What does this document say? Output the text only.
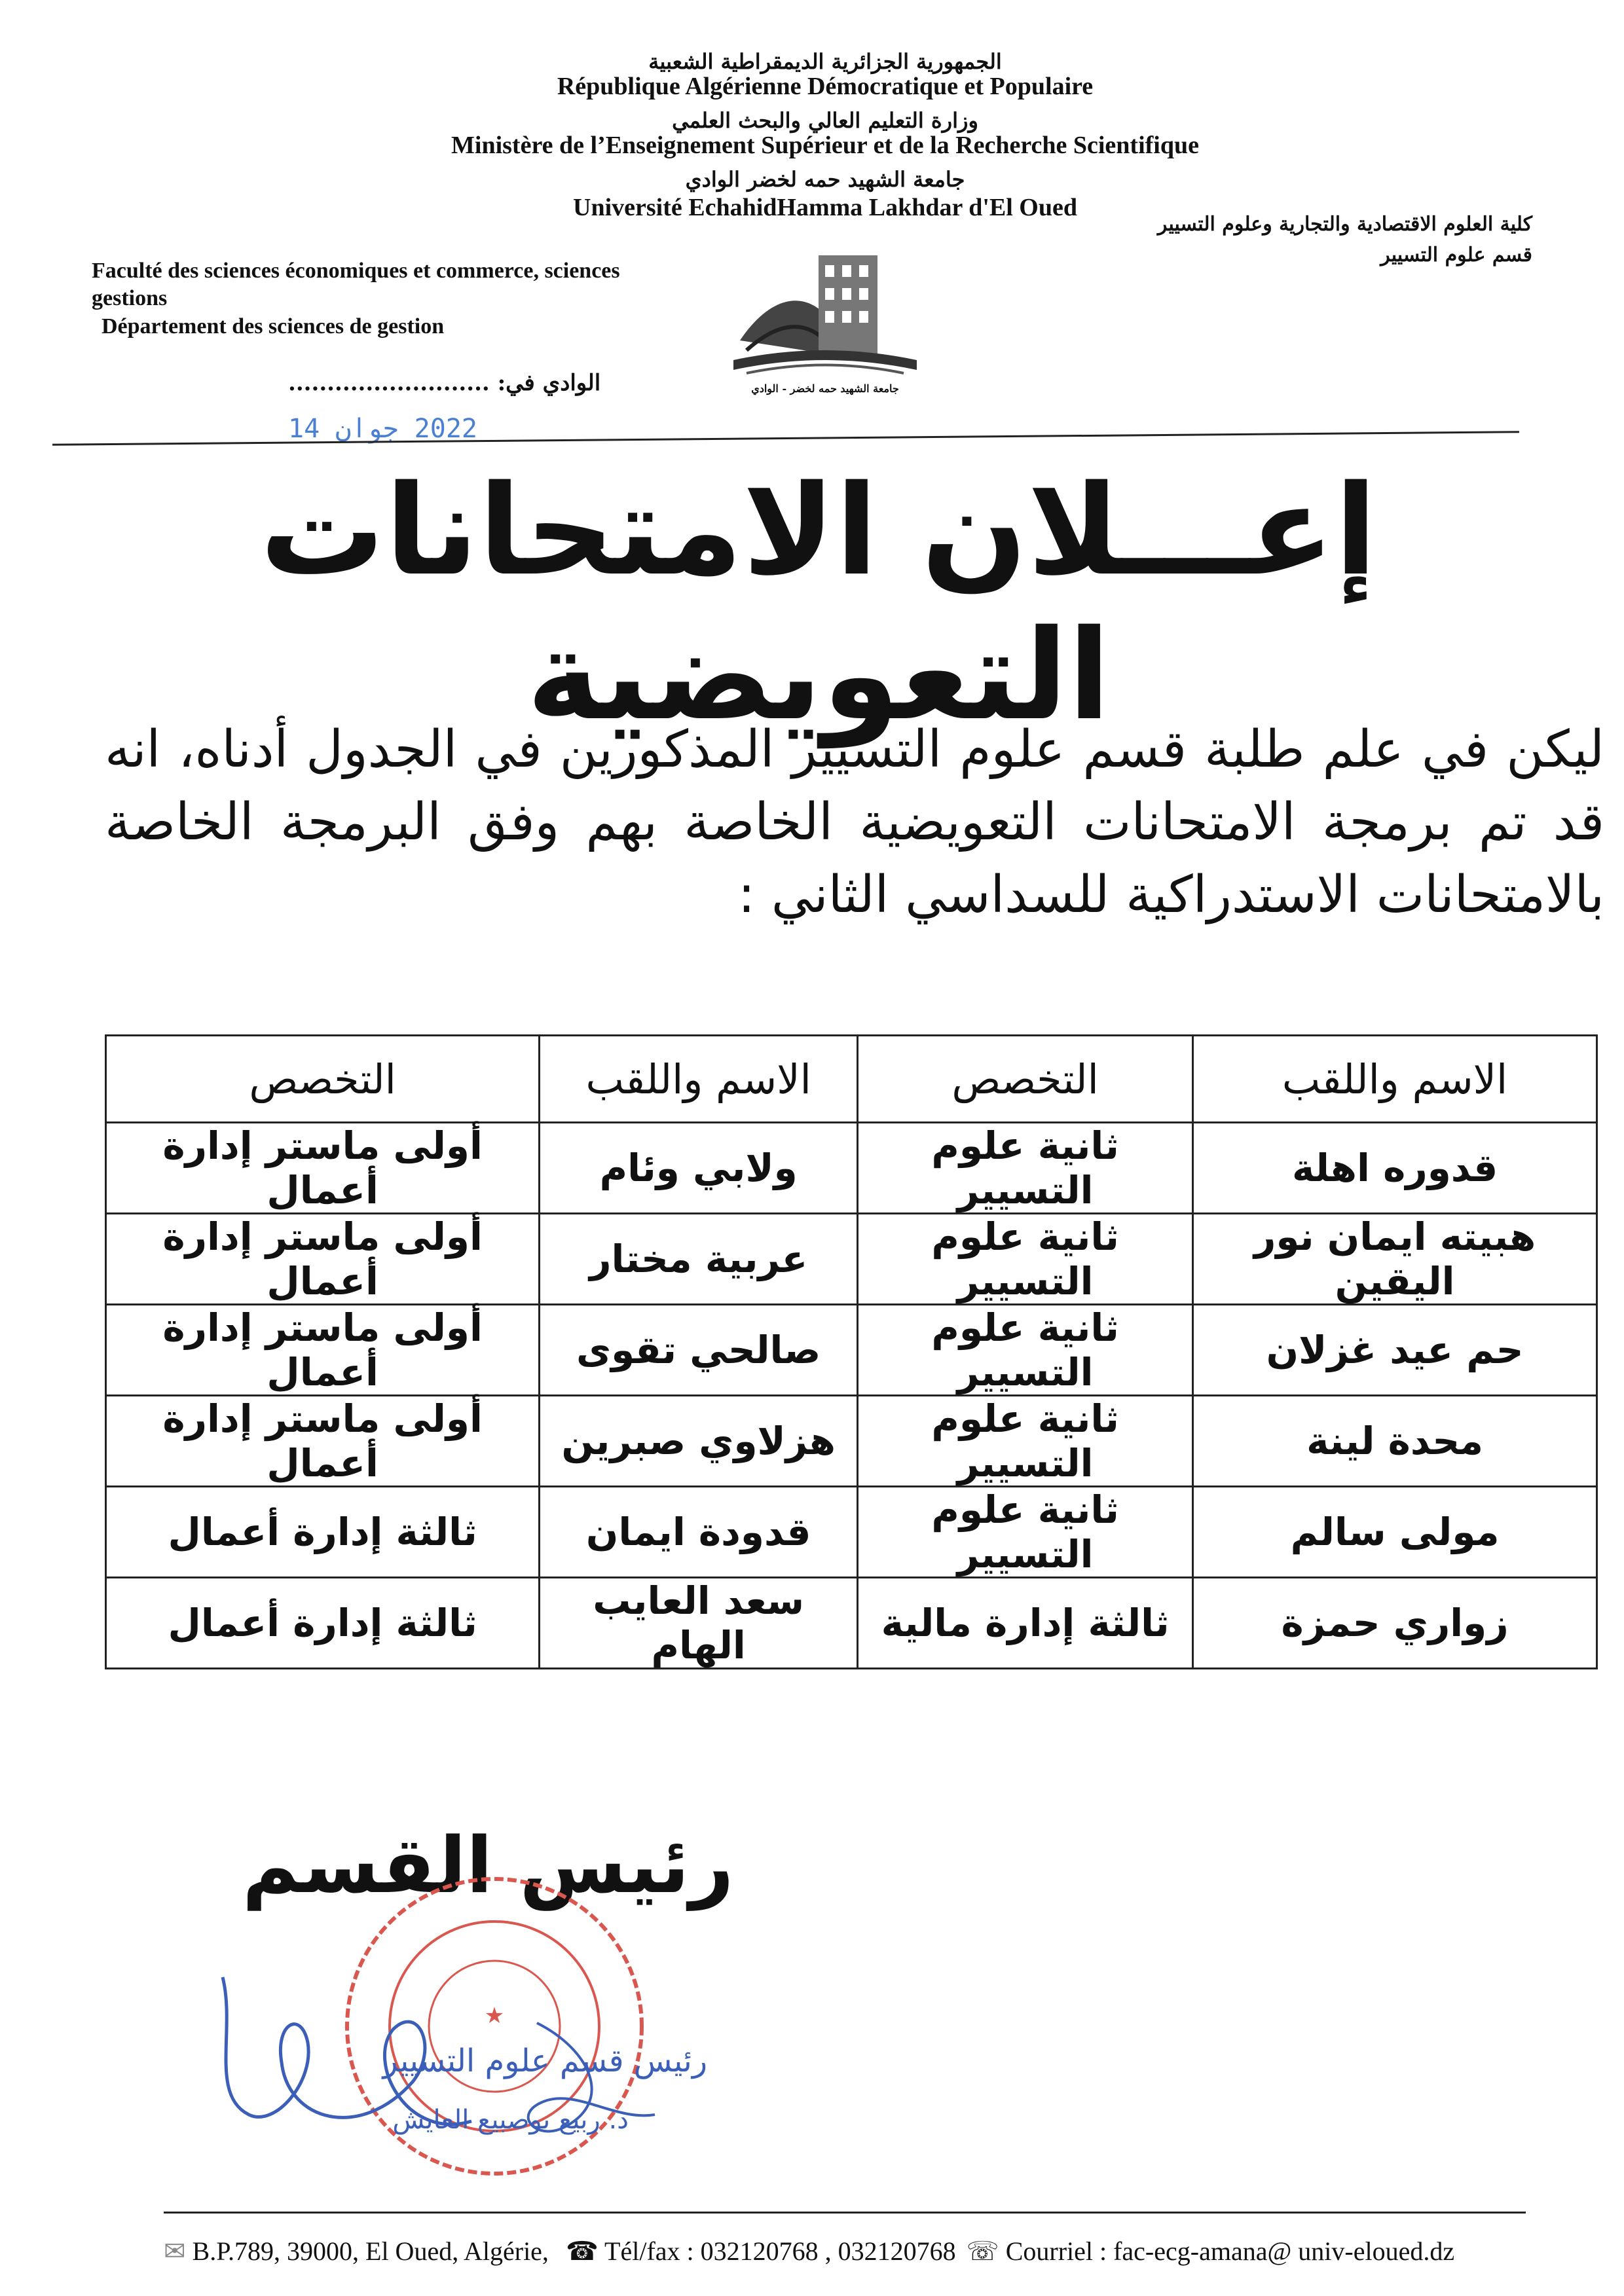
الجمهورية الجزائرية الديمقراطية الشعبية
République Algérienne Démocratique et Populaire
وزارة التعليم العالي والبحث العلمي
Ministère de l’Enseignement Supérieur et de la Recherche Scientifique
جامعة الشهيد حمه لخضر الوادي
Université EchahidHamma Lakhdar d'El Oued
كلية العلوم الاقتصادية والتجارية وعلوم التسيير
قسم علوم التسيير
Faculté des sciences économiques et commerce, sciences
gestions
Département des sciences de gestion
جامعة الشهيد حمه لخضر - الوادي
الوادي في: ..........................
2022 جوان 14
إعـــلان الامتحانات التعويضية
ليكن في علم طلبة قسم علوم التسيير المذكورين في الجدول أدناه، انه قد تم برمجة الامتحانات التعويضية الخاصة بهم وفق البرمجة الخاصة بالامتحانات الاستدراكية للسداسي الثاني :
الاسم واللقب	التخصص	الاسم واللقب	التخصص
قدوره اهلة	ثانية علوم التسيير	ولابي وئام	أولى ماستر إدارة أعمال
هبيته ايمان نور اليقين	ثانية علوم التسيير	عربية مختار	أولى ماستر إدارة أعمال
حم عيد غزلان	ثانية علوم التسيير	صالحي تقوى	أولى ماستر إدارة أعمال
محدة لينة	ثانية علوم التسيير	هزلاوي صبرين	أولى ماستر إدارة أعمال
مولى سالم	ثانية علوم التسيير	قدودة ايمان	ثالثة إدارة أعمال
زواري حمزة	ثالثة إدارة مالية	سعد العايب الهام	ثالثة إدارة أعمال
رئيس القسم
★
رئيس قسم علوم التسيير
د. ربيع بوصبيع العايش
✉ B.P.789, 39000, El Oued, Algérie, ☎ Tél/fax : 032120768 , 032120768 ☏ Courriel : fac-ecg-amana@ univ-eloued.dz
